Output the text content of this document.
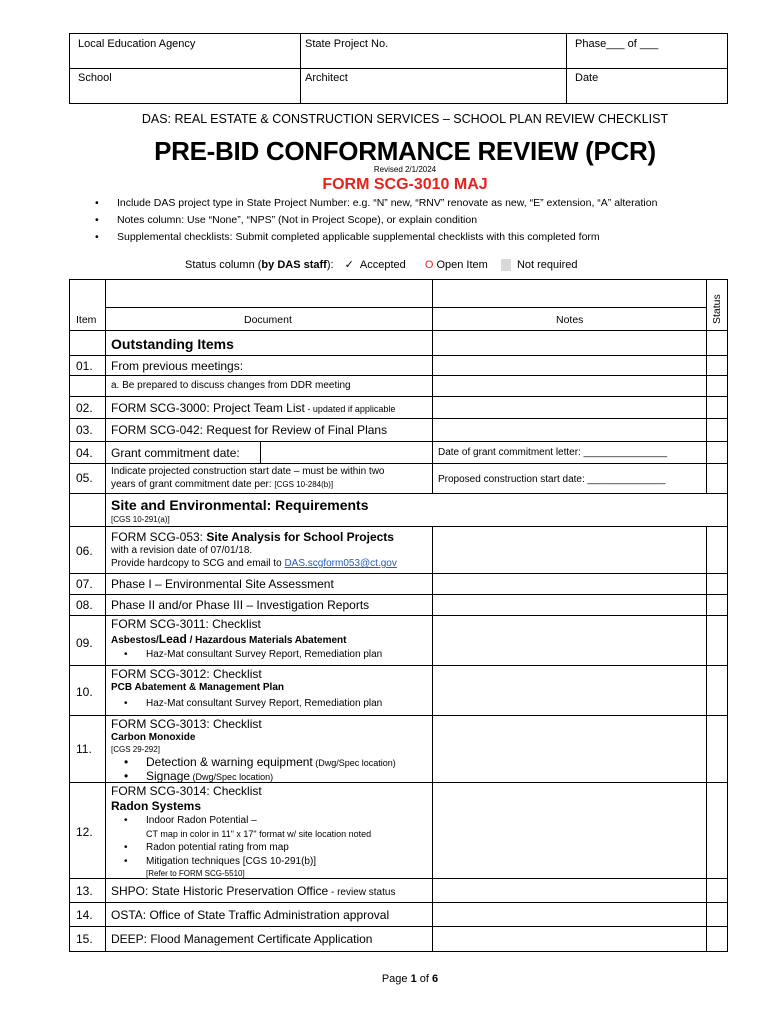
Local Education Agency	State Project No.	Phase___ of ___
School	Architect	Date
DAS: REAL ESTATE & CONSTRUCTION SERVICES – SCHOOL PLAN REVIEW CHECKLIST
PRE-BID CONFORMANCE REVIEW (PCR)
Revised 2/1/2024
FORM SCG-3010 MAJ
• Include DAS project type in State Project Number: e.g. “N” new, “RNV” renovate as new, “E” extension, “A” alteration
• Notes column: Use “None”, “NPS” (Not in Project Scope), or explain condition
• Supplemental checklists: Submit completed applicable supplemental checklists with this completed form
Status column (by DAS staff): ✓ Accepted O Open Item	Not required
Item	Document	Notes	Status
Outstanding Items
01. From previous meetings:
a. Be prepared to discuss changes from DDR meeting
02. FORM SCG-3000: Project Team List - updated if applicable
03. FORM SCG-042: Request for Review of Final Plans
04. Grant commitment date:	Date of grant commitment letter: _______________
05. Indicate projected construction start date – must be within two
years of grant commitment date per: [CGS 10-284(b)]	Proposed construction start date: ______________
Site and Environmental: Requirements
[CGS 10-291(a)]
06.
FORM SCG-053: Site Analysis for School Projects
with a revision date of 07/01/18.
Provide hardcopy to SCG and email to DAS.scgform053@ct.gov
07. Phase I – Environmental Site Assessment
08. Phase II and/or Phase III – Investigation Reports
09.
FORM SCG-3011: Checklist
Asbestos/Lead / Hazardous Materials Abatement
• Haz-Mat consultant Survey Report, Remediation plan
10.
FORM SCG-3012: Checklist
PCB Abatement & Management Plan
• Haz-Mat consultant Survey Report, Remediation plan
11.
FORM SCG-3013: Checklist
Carbon Monoxide
[CGS 29-292]
• Detection & warning equipment (Dwg/Spec location)
• Signage (Dwg/Spec location)
12.
FORM SCG-3014: Checklist
Radon Systems
• Indoor Radon Potential –
CT map in color in 11" x 17" format w/ site location noted
• Radon potential rating from map
• Mitigation techniques [CGS 10-291(b)]
[Refer to FORM SCG-5510]
13. SHPO: State Historic Preservation Office - review status
14. OSTA: Office of State Traffic Administration approval
15. DEEP: Flood Management Certificate Application
Page 1 of 6
